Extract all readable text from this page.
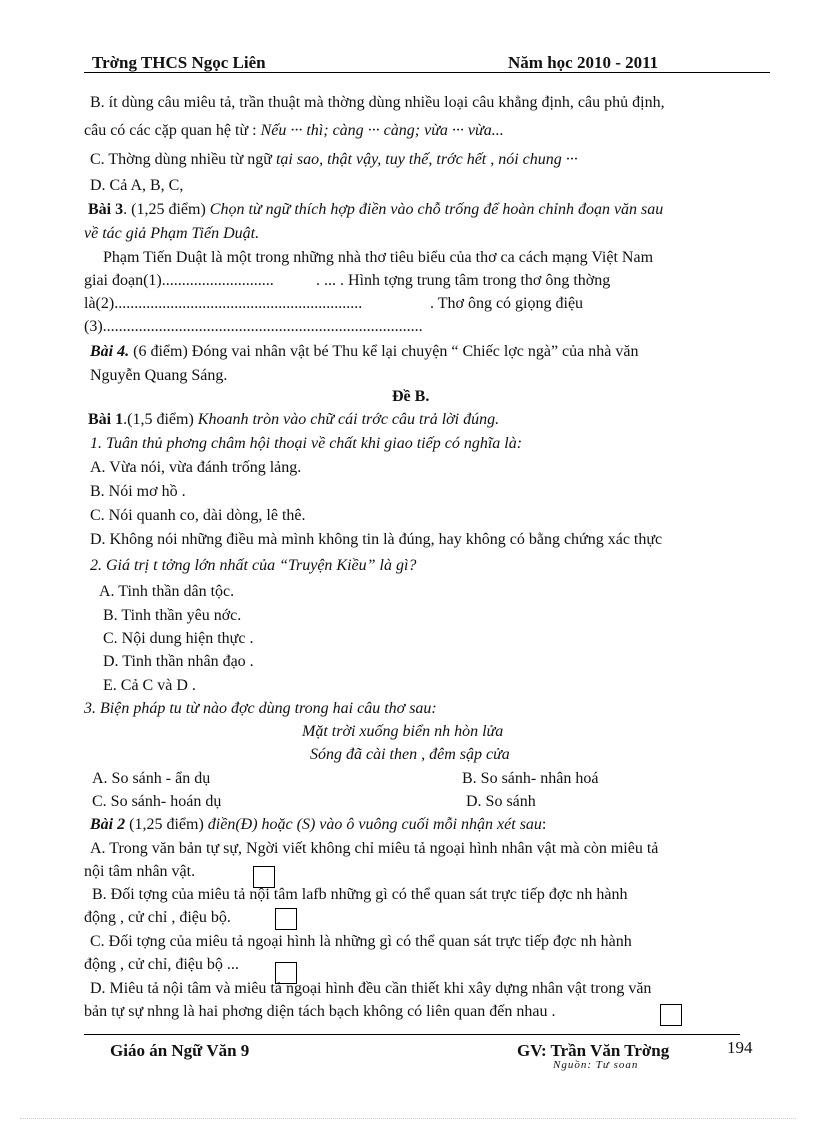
Trờng THCS Ngọc Liên	Năm học 2010 - 2011
B. ít dùng câu miêu tả, trần thuật mà thờng dùng nhiều loại câu khẳng định, câu phủ định,
câu có các cặp quan hệ từ : Nếu ··· thì; càng ··· càng; vừa ··· vừa...
C. Thờng dùng nhiều từ ngữ tại sao, thật vậy, tuy thế, trớc hết , nói chung ···
D. Cả A, B, C,
Bài 3. (1,25 điểm) Chọn từ ngữ thích hợp điền vào chỗ trống để hoàn chỉnh đoạn văn sau
về tác giả Phạm Tiến Duật.
Phạm Tiến Duật là một trong những nhà thơ tiêu biểu của thơ ca cách mạng Việt Nam
giai đoạn(1)............................	. ... . Hình tợng trung tâm trong thơ ông thờng
là(2)..............................................................	. Thơ ông có giọng điệu
(3)................................................................................
Bài 4. (6 điểm) Đóng vai nhân vật bé Thu kể lại chuyện “ Chiếc lợc ngà” của nhà văn
Nguyễn Quang Sáng.
Đề B.
Bài 1.(1,5 điểm) Khoanh tròn vào chữ cái trớc câu trả lời đúng.
1. Tuân thủ phơng châm hội thoại về chất khi giao tiếp có nghĩa là:
A. Vừa nói, vừa đánh trống lảng.
B. Nói mơ hồ .
C. Nói quanh co, dài dòng, lê thê.
D. Không nói những điều mà mình không tin là đúng, hay không có bằng chứng xác thực
2. Giá trị t tởng lớn nhất của “Truyện Kiều” là gì?
A. Tinh thần dân tộc.
B. Tinh thần yêu nớc.
C. Nội dung hiện thực .
D. Tinh thần nhân đạo .
E. Cả C và D .
3. Biện pháp tu từ nào đợc dùng trong hai câu thơ sau:
Mặt trời xuống biển nh hòn lửa
Sóng đã cài then , đêm sập cửa
A. So sánh - ẩn dụ	B. So sánh- nhân hoá
C. So sánh- hoán dụ	D. So sánh
Bài 2 (1,25 điểm) điền(Đ) hoặc (S) vào ô vuông cuối mỗi nhận xét sau:
A. Trong văn bản tự sự, Ngời viết không chỉ miêu tả ngoại hình nhân vật mà còn miêu tả
nội tâm nhân vật.
B. Đối tợng của miêu tả nội tâm lafb những gì có thể quan sát trực tiếp đợc nh hành
động , cử chỉ , điệu bộ.
C. Đối tợng của miêu tả ngoại hình là những gì có thể quan sát trực tiếp đợc nh hành
động , cử chỉ, điệu bộ ...
D. Miêu tả nội tâm và miêu tả ngoại hình đều cần thiết khi xây dựng nhân vật trong văn
bản tự sự nhng là hai phơng diện tách bạch không có liên quan đến nhau .
Giáo án Ngữ Văn 9	GV: Trần Văn Trờng	194
Nguồn: Tư soan
